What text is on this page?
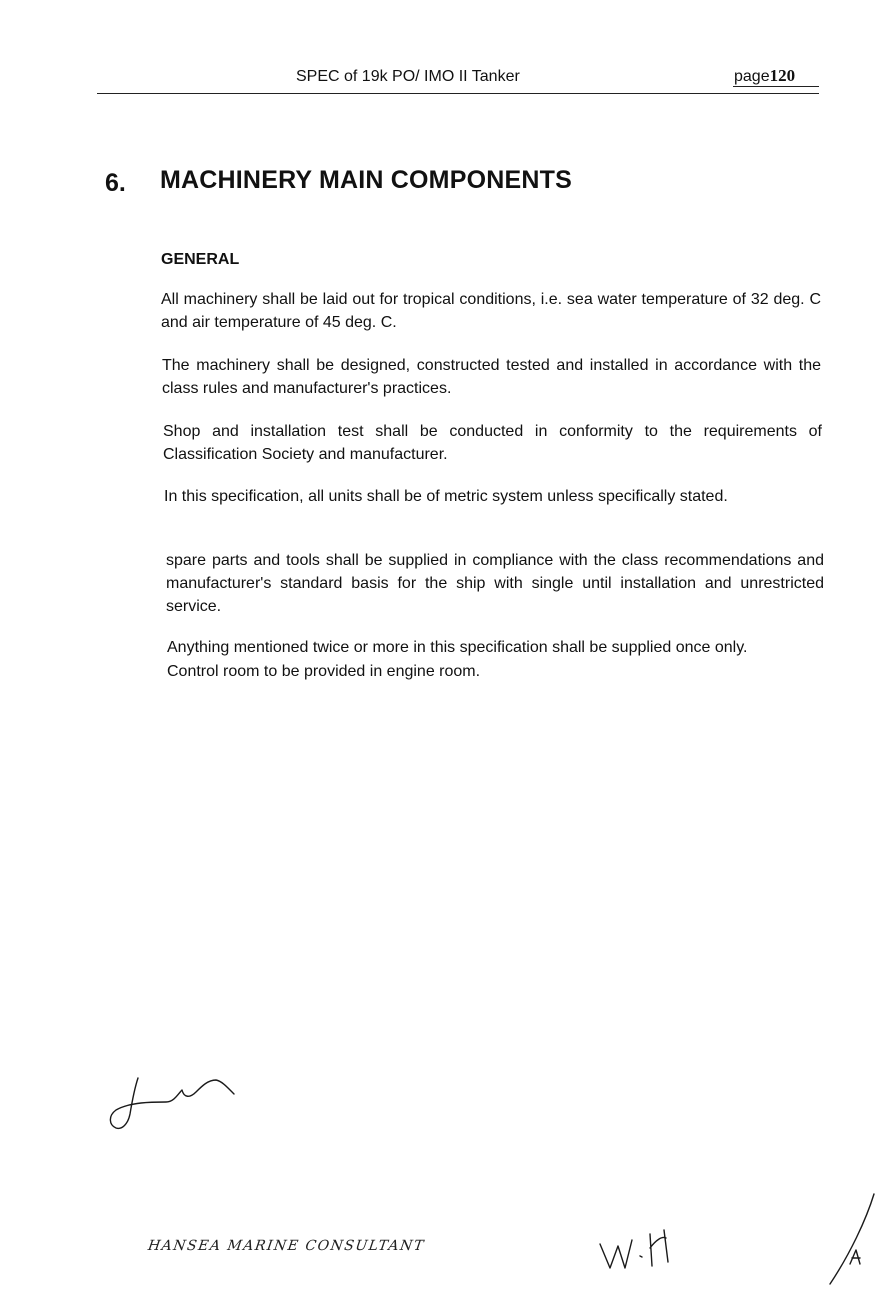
SPEC of 19k PO/ IMO II Tanker	page120
6. MACHINERY MAIN COMPONENTS
GENERAL

All machinery shall be laid out for tropical conditions, i.e. sea water temperature of 32 deg. C and air temperature of 45 deg. C.

The machinery shall be designed, constructed tested and installed in accordance with the class rules and manufacturer's practices.

Shop and installation test shall be conducted in conformity to the requirements of Classification Society and manufacturer.

In this specification, all units shall be of metric system unless specifically stated.

spare parts and tools shall be supplied in compliance with the class recommendations and manufacturer's standard basis for the ship with single until installation and unrestricted service.

Anything mentioned twice or more in this specification shall be supplied once only.

Control room to be provided in engine room.

HANSEA MARINE CONSULTANT
